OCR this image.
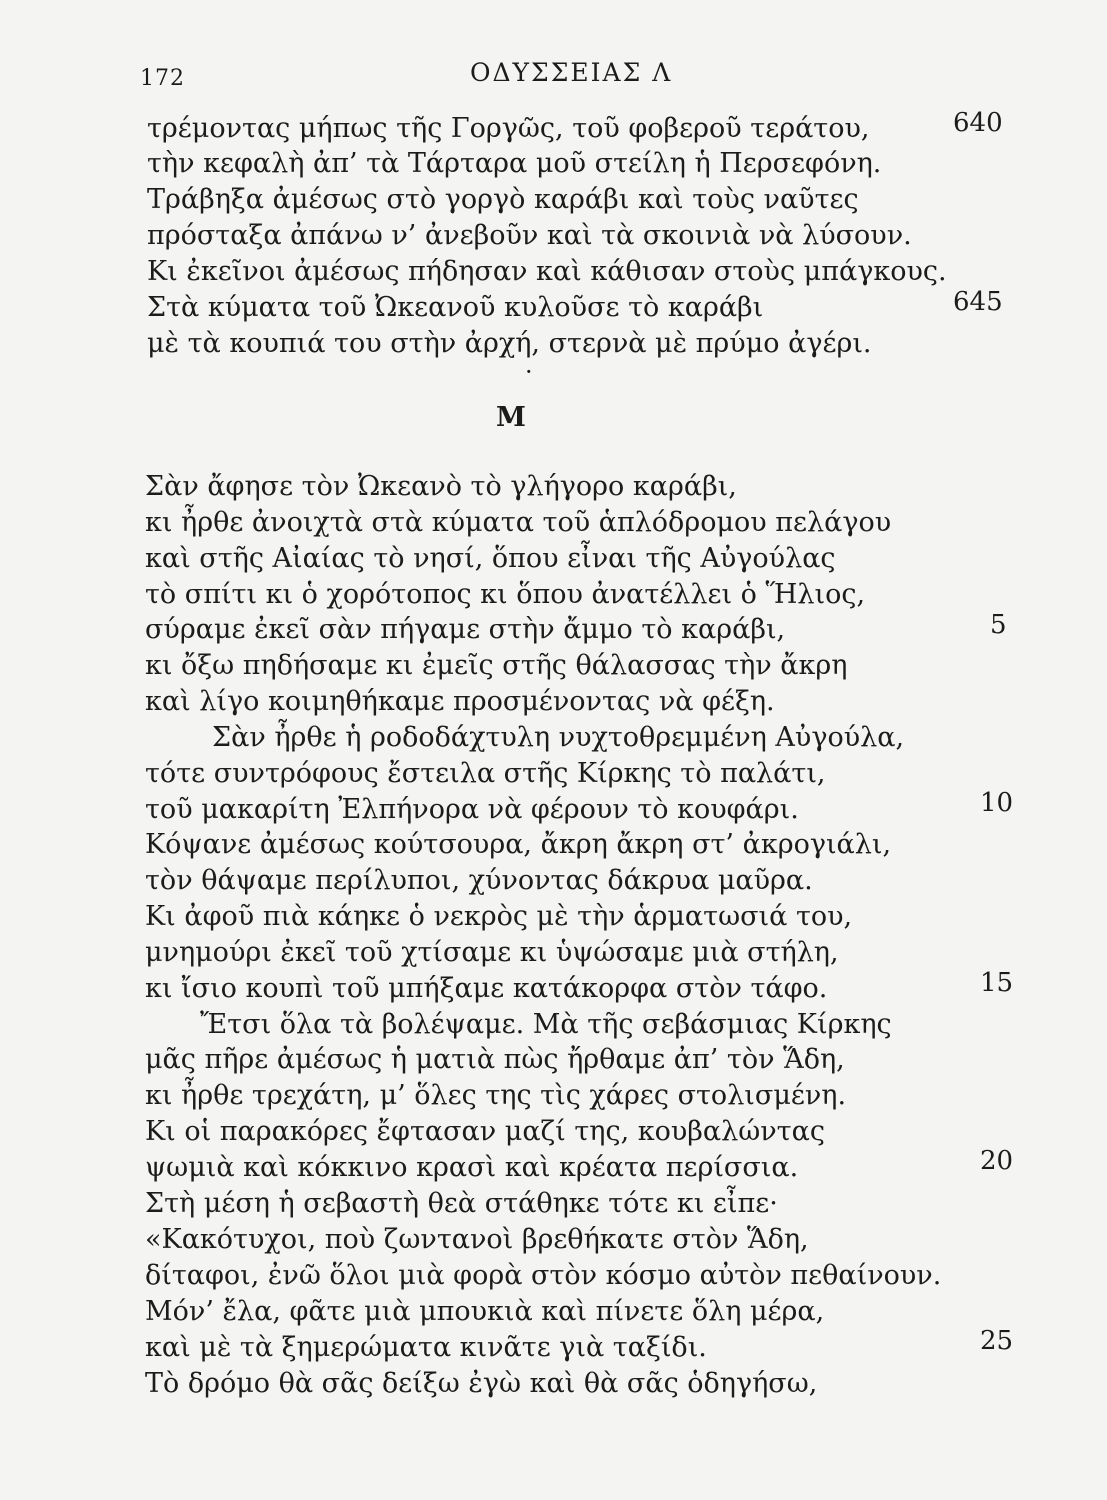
172	ΟΔΥΣΣΕΙΑΣ Λ
τρέμοντας μήπως τῆς Γοργῶς, τοῦ φοβεροῦ τεράτου,
τὴν κεφαλὴ ἀπ’ τὰ Τάρταρα μοῦ στείλη ἡ Περσεφόνη.
Τράβηξα ἀμέσως στὸ γοργὸ καράβι καὶ τοὺς ναῦτες
πρόσταξα ἀπάνω ν’ ἀνεβοῦν καὶ τὰ σκοινιὰ νὰ λύσουν.
Κι ἐκεῖνοι ἀμέσως πήδησαν καὶ κάθισαν στοὺς μπάγκους.
Στὰ κύματα τοῦ Ὠκεανοῦ κυλοῦσε τὸ καράβι
μὲ τὰ κουπιά του στὴν ἀρχή, στερνὰ μὲ πρύμο ἀγέρι.
640
645
·
Μ
Σὰν ἄφησε τὸν Ὠκεανὸ τὸ γλήγορο καράβι,
κι ἦρθε ἀνοιχτὰ στὰ κύματα τοῦ ἁπλόδρομου πελάγου
καὶ στῆς Αἰαίας τὸ νησί, ὅπου εἶναι τῆς Αὐγούλας
τὸ σπίτι κι ὁ χορότοπος κι ὅπου ἀνατέλλει ὁ Ἥλιος,
σύραμε ἐκεῖ σὰν πήγαμε στὴν ἄμμο τὸ καράβι,
κι ὄξω πηδήσαμε κι ἐμεῖς στῆς θάλασσας τὴν ἄκρη
καὶ λίγο κοιμηθήκαμε προσμένοντας νὰ φέξη.
Σὰν ἦρθε ἡ ροδοδάχτυλη νυχτοθρεμμένη Αὐγούλα,
τότε συντρόφους ἔστειλα στῆς Κίρκης τὸ παλάτι,
τοῦ μακαρίτη Ἐλπήνορα νὰ φέρουν τὸ κουφάρι.
Κόψανε ἀμέσως κούτσουρα, ἄκρη ἄκρη στ’ ἀκρογιάλι,
τὸν θάψαμε περίλυποι, χύνοντας δάκρυα μαῦρα.
Κι ἀφοῦ πιὰ κάηκε ὁ νεκρὸς μὲ τὴν ἁρματωσιά του,
μνημούρι ἐκεῖ τοῦ χτίσαμε κι ὑψώσαμε μιὰ στήλη,
κι ἴσιο κουπὶ τοῦ μπήξαμε κατάκορφα στὸν τάφο.
Ἔτσι ὅλα τὰ βολέψαμε. Μὰ τῆς σεβάσμιας Κίρκης
μᾶς πῆρε ἀμέσως ἡ ματιὰ πὼς ἤρθαμε ἀπ’ τὸν Ἅδη,
κι ἦρθε τρεχάτη, μ’ ὅλες της τὶς χάρες στολισμένη.
Κι οἱ παρακόρες ἔφτασαν μαζί της, κουβαλώντας
ψωμιὰ καὶ κόκκινο κρασὶ καὶ κρέατα περίσσια.
Στὴ μέση ἡ σεβαστὴ θεὰ στάθηκε τότε κι εἶπε·
«Κακότυχοι, ποὺ ζωντανοὶ βρεθήκατε στὸν Ἅδη,
δίταφοι, ἐνῶ ὅλοι μιὰ φορὰ στὸν κόσμο αὐτὸν πεθαίνουν.
Μόν’ ἔλα, φᾶτε μιὰ μπουκιὰ καὶ πίνετε ὅλη μέρα,
καὶ μὲ τὰ ξημερώματα κινᾶτε γιὰ ταξίδι.
Τὸ δρόμο θὰ σᾶς δείξω ἐγὼ καὶ θὰ σᾶς ὁδηγήσω,
5
10
15
20
25
